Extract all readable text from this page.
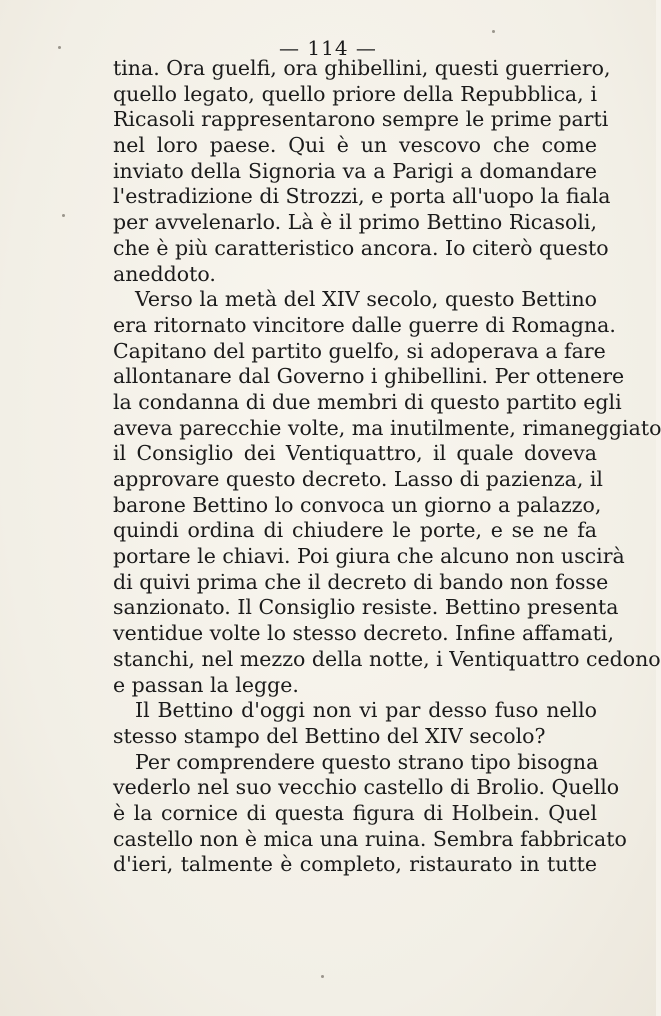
— 114 —
tina. Ora guelfi, ora ghibellini, questi guerriero,
quello legato, quello priore della Repubblica, i
Ricasoli rappresentarono sempre le prime parti
nel loro paese. Qui è un vescovo che come
inviato della Signoria va a Parigi a domandare
l'estradizione di Strozzi, e porta all'uopo la fiala
per avvelenarlo. Là è il primo Bettino Ricasoli,
che è più caratteristico ancora. Io citerò questo
aneddoto.
Verso la metà del XIV secolo, questo Bettino
era ritornato vincitore dalle guerre di Romagna.
Capitano del partito guelfo, si adoperava a fare
allontanare dal Governo i ghibellini. Per ottenere
la condanna di due membri di questo partito egli
aveva parecchie volte, ma inutilmente, rimaneggiato
il Consiglio dei Ventiquattro, il quale doveva
approvare questo decreto. Lasso di pazienza, il
barone Bettino lo convoca un giorno a palazzo,
quindi ordina di chiudere le porte, e se ne fa
portare le chiavi. Poi giura che alcuno non uscirà
di quivi prima che il decreto di bando non fosse
sanzionato. Il Consiglio resiste. Bettino presenta
ventidue volte lo stesso decreto. Infine affamati,
stanchi, nel mezzo della notte, i Ventiquattro cedono
e passan la legge.
Il Bettino d'oggi non vi par desso fuso nello
stesso stampo del Bettino del XIV secolo?
Per comprendere questo strano tipo bisogna
vederlo nel suo vecchio castello di Brolio. Quello
è la cornice di questa figura di Holbein. Quel
castello non è mica una ruina. Sembra fabbricato
d'ieri, talmente è completo, ristaurato in tutte
